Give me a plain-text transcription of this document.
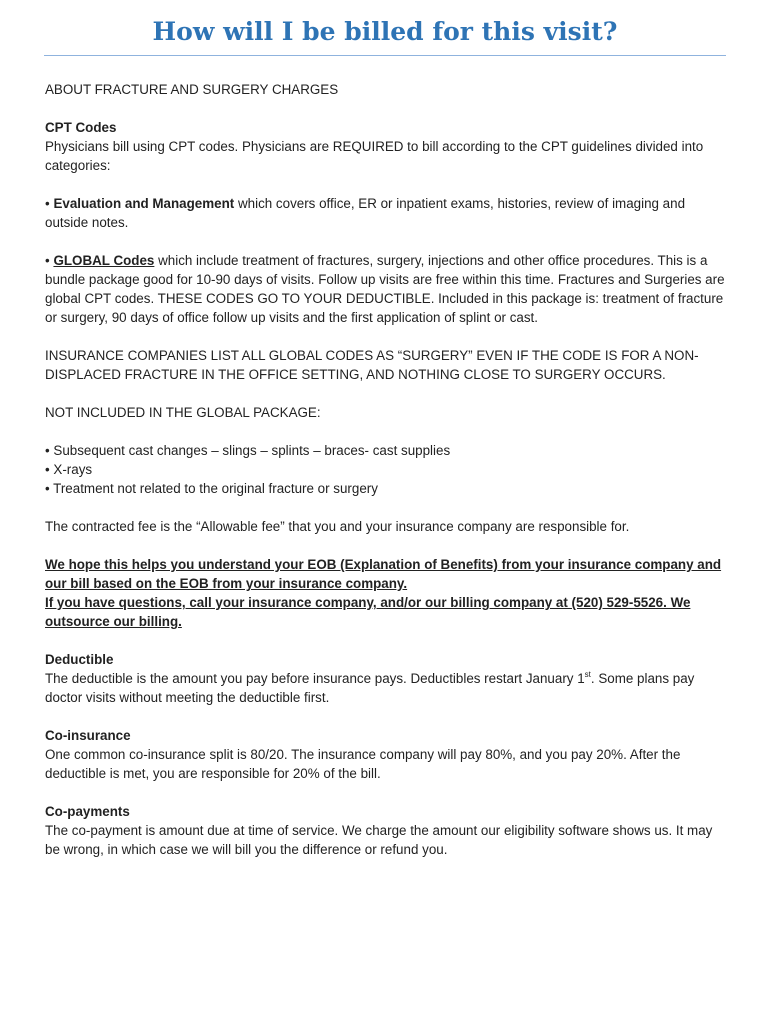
How will I be billed for this visit?

ABOUT FRACTURE AND SURGERY CHARGES

CPT Codes

Physicians bill using CPT codes. Physicians are REQUIRED to bill according to the CPT guidelines divided into categories:

• Evaluation and Management which covers office, ER or inpatient exams, histories, review of imaging and outside notes.

• GLOBAL Codes which include treatment of fractures, surgery, injections and other office procedures. This is a bundle package good for 10-90 days of visits. Follow up visits are free within this time. Fractures and Surgeries are global CPT codes. THESE CODES GO TO YOUR DEDUCTIBLE. Included in this package is: treatment of fracture or surgery, 90 days of office follow up visits and the first application of splint or cast.

INSURANCE COMPANIES LIST ALL GLOBAL CODES AS “SURGERY” EVEN IF THE CODE IS FOR A NON-DISPLACED FRACTURE IN THE OFFICE SETTING, AND NOTHING CLOSE TO SURGERY OCCURS.

NOT INCLUDED IN THE GLOBAL PACKAGE:

• Subsequent cast changes – slings – splints – braces- cast supplies

• X-rays

• Treatment not related to the original fracture or surgery

The contracted fee is the “Allowable fee” that you and your insurance company are responsible for.

We hope this helps you understand your EOB (Explanation of Benefits) from your insurance company and our bill based on the EOB from your insurance company.

If you have questions, call your insurance company, and/or our billing company at (520) 529-5526. We outsource our billing.

Deductible

The deductible is the amount you pay before insurance pays. Deductibles restart January 1st. Some plans pay doctor visits without meeting the deductible first.

Co-insurance

One common co-insurance split is 80/20. The insurance company will pay 80%, and you pay 20%. After the deductible is met, you are responsible for 20% of the bill.

Co-payments

The co-payment is amount due at time of service. We charge the amount our eligibility software shows us. It may be wrong, in which case we will bill you the difference or refund you.
